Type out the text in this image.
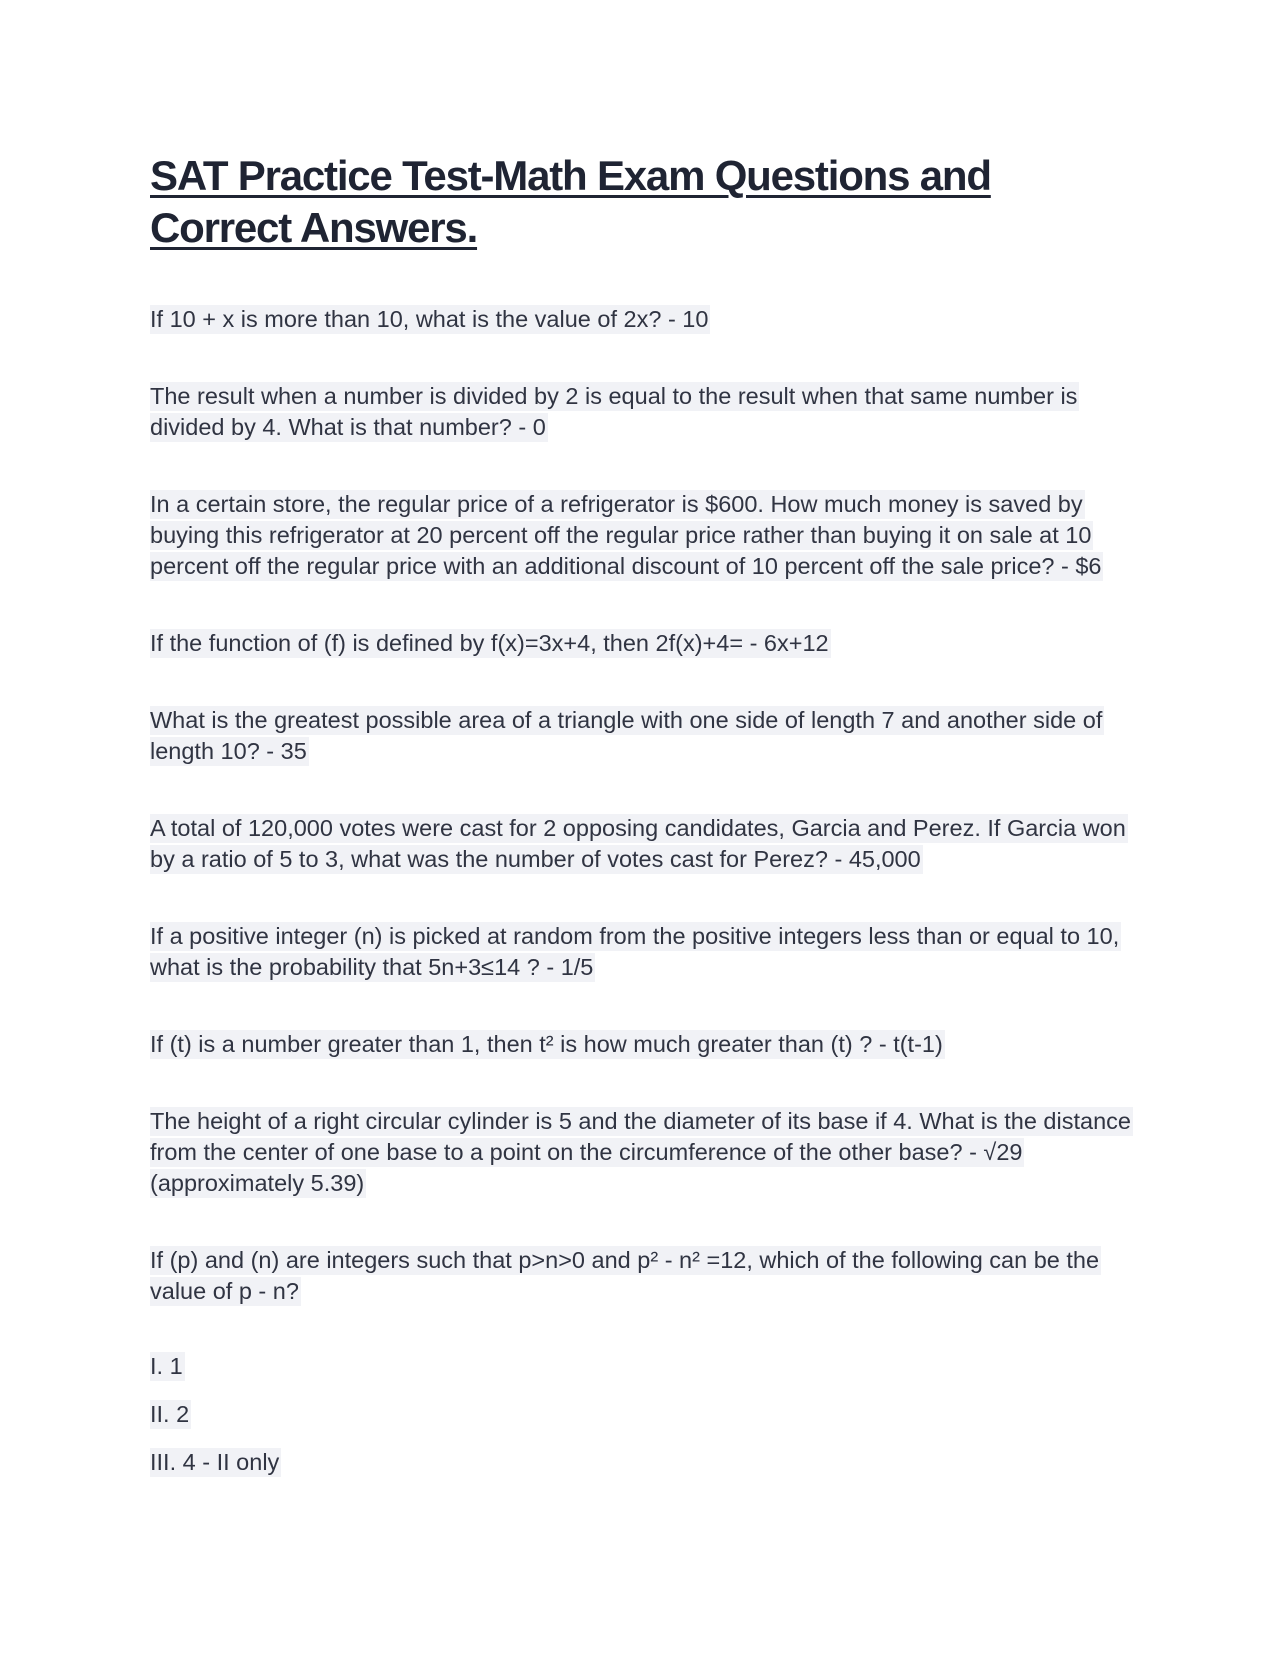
SAT Practice Test-Math Exam Questions and Correct Answers.

If 10 + x is more than 10, what is the value of 2x? - 10

The result when a number is divided by 2 is equal to the result when that same number is divided by 4. What is that number? - 0

In a certain store, the regular price of a refrigerator is $600. How much money is saved by buying this refrigerator at 20 percent off the regular price rather than buying it on sale at 10 percent off the regular price with an additional discount of 10 percent off the sale price? - $6

If the function of (f) is defined by f(x)=3x+4, then 2f(x)+4= - 6x+12

What is the greatest possible area of a triangle with one side of length 7 and another side of length 10? - 35

A total of 120,000 votes were cast for 2 opposing candidates, Garcia and Perez. If Garcia won by a ratio of 5 to 3, what was the number of votes cast for Perez? - 45,000

If a positive integer (n) is picked at random from the positive integers less than or equal to 10, what is the probability that 5n+3≤14 ? - 1/5

If (t) is a number greater than 1, then t² is how much greater than (t) ? - t(t-1)

The height of a right circular cylinder is 5 and the diameter of its base if 4. What is the distance from the center of one base to a point on the circumference of the other base? - √29 (approximately 5.39)

If (p) and (n) are integers such that p>n>0 and p² - n² =12, which of the following can be the value of p - n?

I. 1

II. 2

III. 4 - II only
